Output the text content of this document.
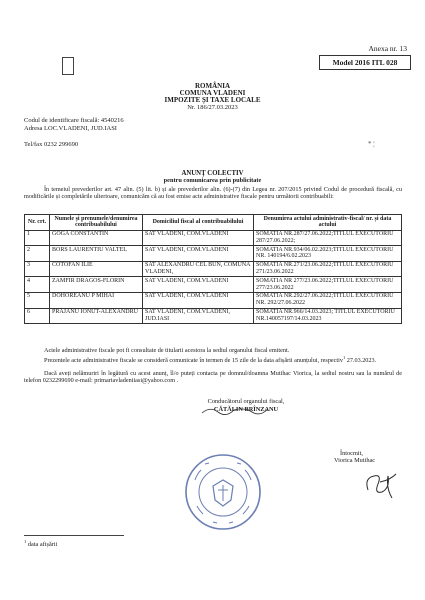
Anexa nr. 13
Model 2016 ITL 028
ROMÂNIA
COMUNA VLADENI
IMPOZITE ȘI TAXE LOCALE
Nr. 186/27.03.2023
Codul de identificare fiscală: 4540216
Adresa LOC.VLADENI, JUD.IASI
Tel/fax 0232 299690	* ¦
ANUNŢ COLECTIV
pentru comunicarea prin publicitate
În temeiul prevederilor art. 47 alin. (5) lit. b) și ale prevederilor alin. (6)-(7) din Legea nr. 207/2015 privind Codul de procedură fiscală, cu modificările și completările ulterioare, comunicăm că au fost emise acte administrative fiscale pentru următorii contribuabili:
Nr. crt.	Numele și prenumele/denumirea contribuabilului	Domiciliul fiscal al contribuabilului	Denumirea actului administrativ-fiscal/ nr. și data actului
1	GOGA CONSTANTIN	SAT VLADENI, COM.VLADENI	SOMATIA NR.287/27.06.2022;TITLUL EXECUTORIU 287/27.06.2022;
2	BORS LAURENTIU VALTEL	SAT VLADENI, COM.VLADENI	SOMATIA NR.934/06.02.2023;TITLUL EXECUTORIU NR. 140194/6.02.2023
3	COTOFAN ILIE	SAT ALEXANDRU CEL BUN, COMUNA VLADENI,	SOMATIA NR.271/23.06.2022;TITLUL EXECUTORIU 271/23.06.2022
4	ZAMFIR DRAGOS-FLORIN	SAT VLADENI, COM.VLADENI	SOMATIA NR 277/23.06.2022;TITLUL EXECUTORIU 277/23.06.2022
5	DOHOREANU P MIHAI	SAT VLADENI, COM.VLADENI	SOMATIA NR.292/27.06.2022;TITLUL EXECUTORIU NR. 292/27.06.2022
6	PRAJANU IONUT-ALEXANDRU	SAT VLADENI, COM.VLADENI, JUD.IASI	SOMATIA NR.966/14.03.2023; TITLUL EXECUTORIU NR.140057197/14.03.2023
Actele administrative fiscale pot fi consultate de titularii acestora la sediul organului fiscal emitent.
Prezentele acte administrative fiscale se consideră comunicate în termen de 15 zile de la data afișării anunțului, respectiv$^1$ 27.03.2023.
Dacă aveți nelămuriri în legătură cu acest anunț, îl/o puteți contacta pe domnul/doamna Mutihac Viorica, la sediul nostru sau la numărul de telefon 0232299690 e-mail: primariavladeniiasi@yahoo.com .
Conducătorul organului fiscal,
CĂTĂLIN BRÎNZANU
Întocmit,
Viorica Mutihac
$^1$ data afișării
